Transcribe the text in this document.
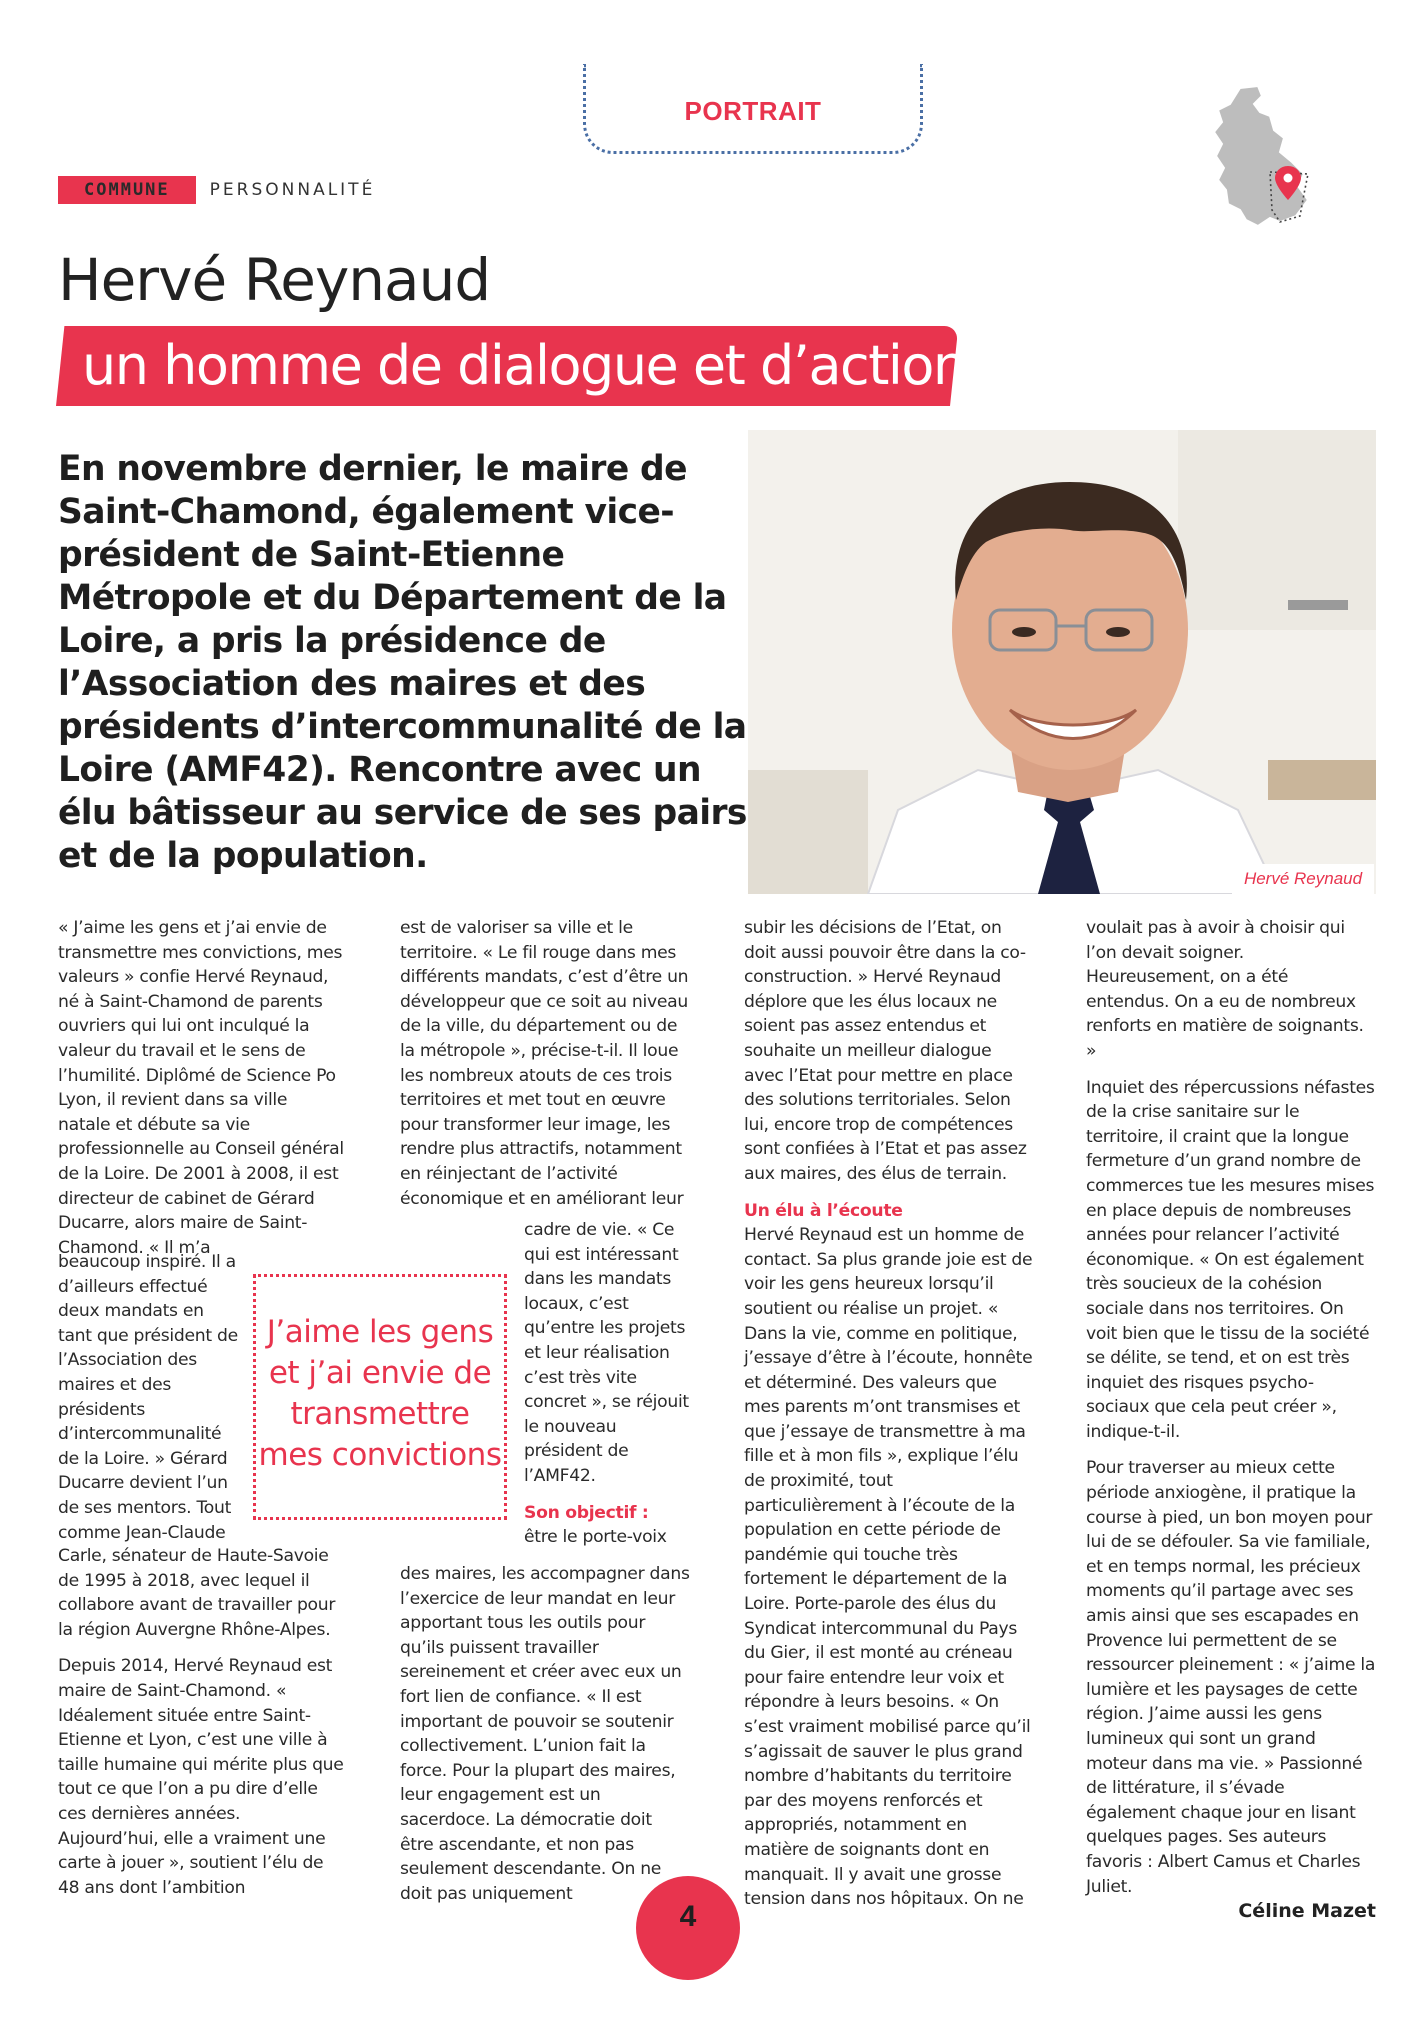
PORTRAIT
COMMUNE	PERSONNALITÉ
Hervé Reynaud
un homme de dialogue et d’action
En novembre dernier, le maire de Saint-Chamond, également vice-président de Saint-Etienne Métropole et du Département de la Loire, a pris la présidence de l’Association des maires et des présidents d’intercommunalité de la Loire (AMF42). Rencontre avec un élu bâtisseur au service de ses pairs et de la population.
Hervé Reynaud

« J’aime les gens et j’ai envie de transmettre mes convictions, mes valeurs » confie Hervé Reynaud, né à Saint-Chamond de parents ouvriers qui lui ont inculqué la valeur du travail et le sens de l’humilité. Diplômé de Science Po Lyon, il revient dans sa ville natale et débute sa vie professionnelle au Conseil général de la Loire. De 2001 à 2008, il est directeur de cabinet de Gérard Ducarre, alors maire de Saint-Chamond. « Il m’a

beaucoup inspiré. Il a d’ailleurs effectué deux mandats en tant que président de l’Association des maires et des présidents d’intercommunalité de la Loire. » Gérard Ducarre devient l’un de ses mentors. Tout comme Jean-Claude

Carle, sénateur de Haute-Savoie de 1995 à 2018, avec lequel il collabore avant de travailler pour la région Auvergne Rhône-Alpes.

Depuis 2014, Hervé Reynaud est maire de Saint-Chamond. « Idéalement située entre Saint-Etienne et Lyon, c’est une ville à taille humaine qui mérite plus que tout ce que l’on a pu dire d’elle ces dernières années. Aujourd’hui, elle a vraiment une carte à jouer », soutient l’élu de 48 ans dont l’ambition

est de valoriser sa ville et le territoire. « Le fil rouge dans mes différents mandats, c’est d’être un développeur que ce soit au niveau de la ville, du département ou de la métropole », précise-t-il. Il loue les nombreux atouts de ces trois territoires et met tout en œuvre pour transformer leur image, les rendre plus attractifs, notamment en réinjectant de l’activité économique et en améliorant leur

cadre de vie. « Ce qui est intéressant dans les mandats locaux, c’est qu’entre les projets et leur réalisation c’est très vite concret », se réjouit le nouveau président de l’AMF42.

Son objectif :
être le porte-voix

des maires, les accompagner dans l’exercice de leur mandat en leur apportant tous les outils pour qu’ils puissent travailler sereinement et créer avec eux un fort lien de confiance. « Il est important de pouvoir se soutenir collectivement. L’union fait la force. Pour la plupart des maires, leur engagement est un sacerdoce. La démocratie doit être ascendante, et non pas seulement descendante. On ne doit pas uniquement

subir les décisions de l’Etat, on doit aussi pouvoir être dans la co-construction. » Hervé Reynaud déplore que les élus locaux ne soient pas assez entendus et souhaite un meilleur dialogue avec l’Etat pour mettre en place des solutions territoriales. Selon lui, encore trop de compétences sont confiées à l’Etat et pas assez aux maires, des élus de terrain.

Un élu à l’écoute

Hervé Reynaud est un homme de contact. Sa plus grande joie est de voir les gens heureux lorsqu’il soutient ou réalise un projet. « Dans la vie, comme en politique, j’essaye d’être à l’écoute, honnête et déterminé. Des valeurs que mes parents m’ont transmises et que j’essaye de transmettre à ma fille et à mon fils », explique l’élu de proximité, tout particulièrement à l’écoute de la population en cette période de pandémie qui touche très fortement le département de la Loire. Porte-parole des élus du Syndicat intercommunal du Pays du Gier, il est monté au créneau pour faire entendre leur voix et répondre à leurs besoins. « On s’est vraiment mobilisé parce qu’il s’agissait de sauver le plus grand nombre d’habitants du territoire par des moyens renforcés et appropriés, notamment en matière de soignants dont en manquait. Il y avait une grosse tension dans nos hôpitaux. On ne

voulait pas à avoir à choisir qui l’on devait soigner. Heureusement, on a été entendus. On a eu de nombreux renforts en matière de soignants. »

Inquiet des répercussions néfastes de la crise sanitaire sur le territoire, il craint que la longue fermeture d’un grand nombre de commerces tue les mesures mises en place depuis de nombreuses années pour relancer l’activité économique. « On est également très soucieux de la cohésion sociale dans nos territoires. On voit bien que le tissu de la société se délite, se tend, et on est très inquiet des risques psycho-sociaux que cela peut créer », indique-t-il.

Pour traverser au mieux cette période anxiogène, il pratique la course à pied, un bon moyen pour lui de se défouler. Sa vie familiale, et en temps normal, les précieux moments qu’il partage avec ses amis ainsi que ses escapades en Provence lui permettent de se ressourcer pleinement : « j’aime la lumière et les paysages de cette région. J’aime aussi les gens lumineux qui sont un grand moteur dans ma vie. » Passionné de littérature, il s’évade également chaque jour en lisant quelques pages. Ses auteurs favoris : Albert Camus et Charles Juliet.

J’aime les gens et j’ai envie de transmettre mes convictions
Céline Mazet
4
